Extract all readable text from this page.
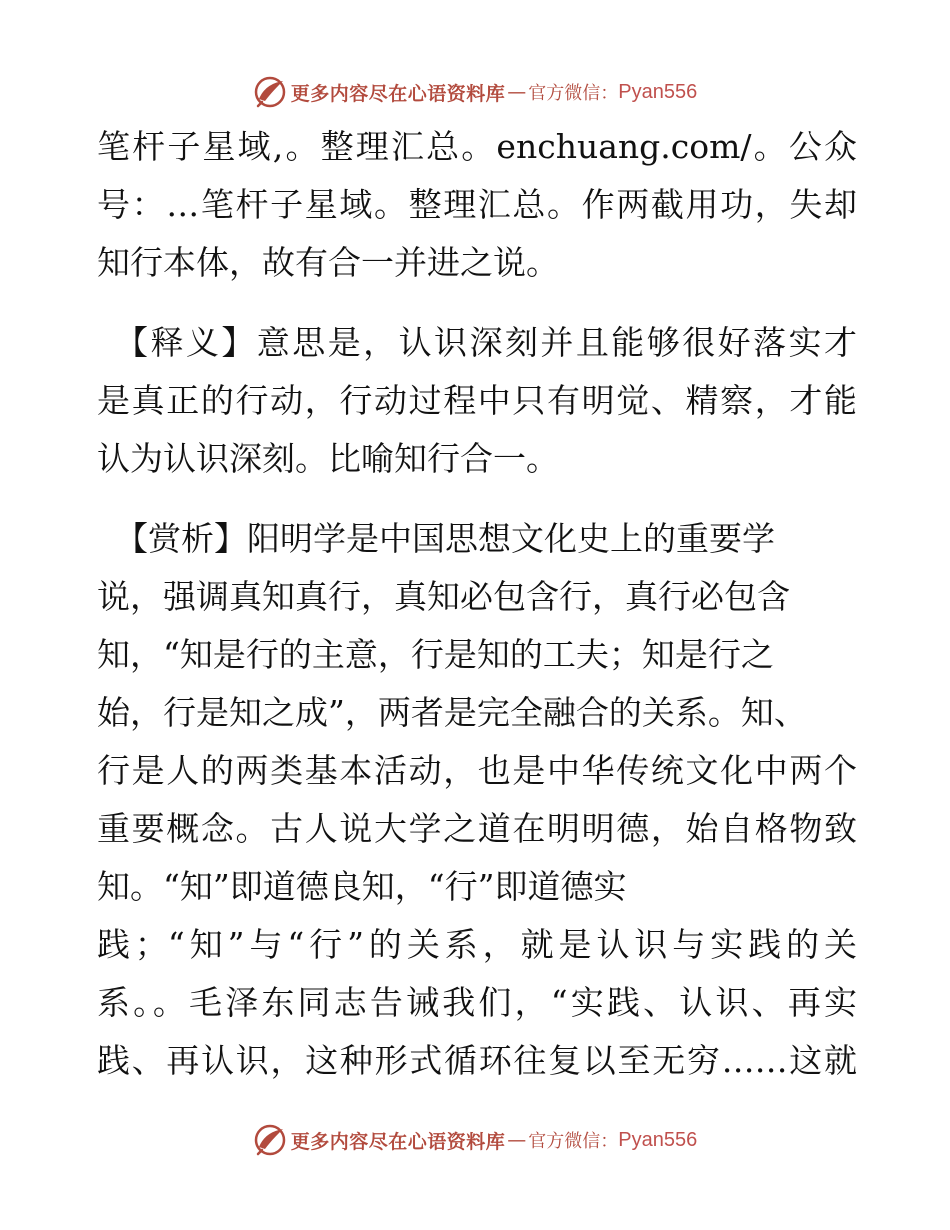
更多内容尽在心语资料库 — 官方微信： Pyan556
笔杆子星域,。整理汇总。enchuang.com/。公众
号：…笔杆子星域。整理汇总。作两截用功，失却
知行本体，故有合一并进之说。
【释义】意思是，认识深刻并且能够很好落实才
是真正的行动，行动过程中只有明觉、精察，才能
认为认识深刻。比喻知行合一。
【赏析】阳明学是中国思想文化史上的重要学
说，强调真知真行，真知必包含行，真行必包含
知，“知是行的主意，行是知的工夫；知是行之
始，行是知之成”，两者是完全融合的关系。知、
行是人的两类基本活动，也是中华传统文化中两个
重要概念。古人说大学之道在明明德，始自格物致
知。“知”即道德良知，“行”即道德实
践；“知”与“行”的关系，就是认识与实践的关
系。。毛泽东同志告诫我们，“实践、认识、再实
践、再认识，这种形式循环往复以至无穷……这就
更多内容尽在心语资料库 — 官方微信： Pyan556
